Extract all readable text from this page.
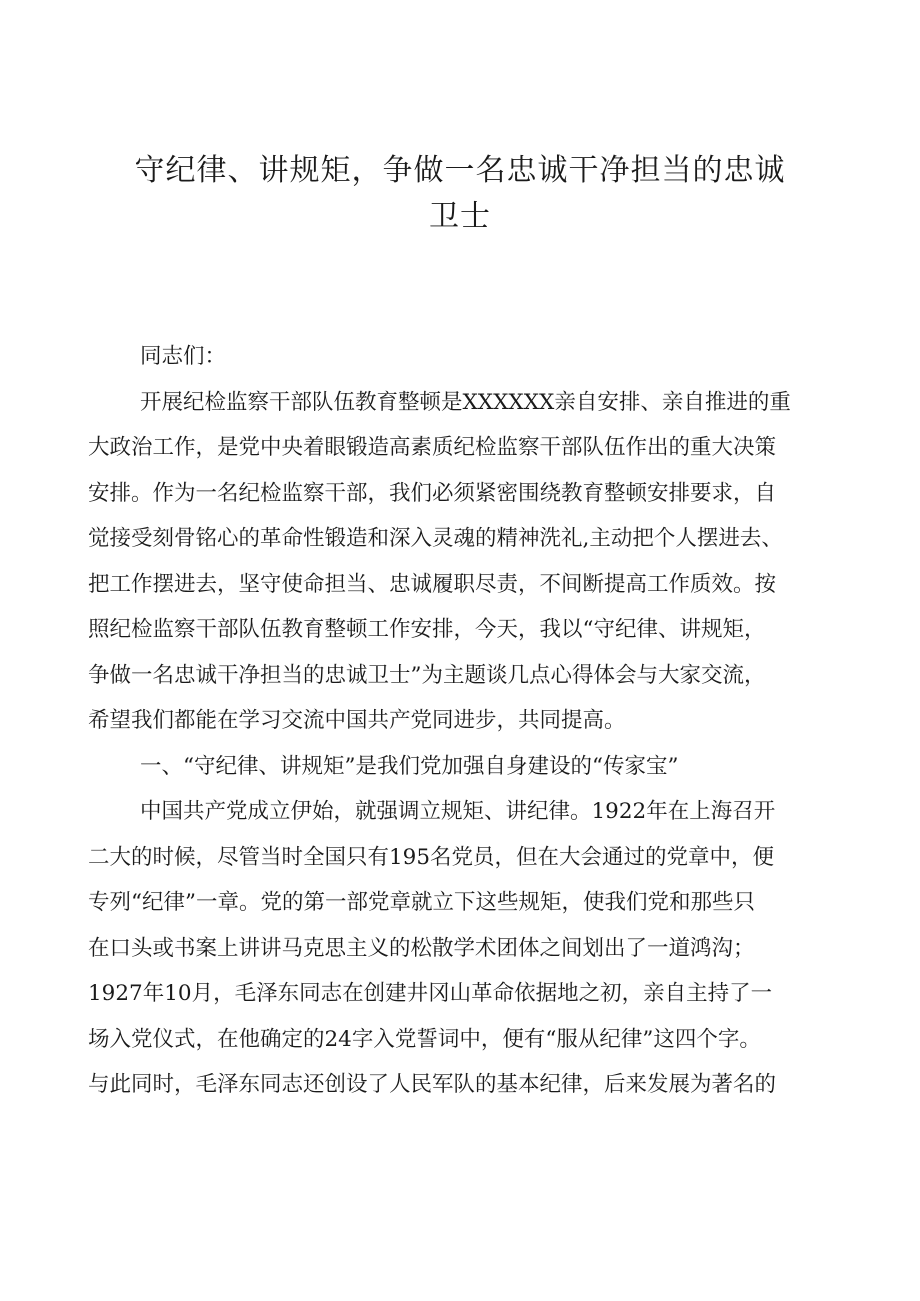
守纪律、讲规矩，争做一名忠诚干净担当的忠诚
卫士
同志们：
开展纪检监察干部队伍教育整顿是XXXXXX亲自安排、亲自推进的重
大政治工作，是党中央着眼锻造高素质纪检监察干部队伍作出的重大决策
安排。作为一名纪检监察干部，我们必须紧密围绕教育整顿安排要求，自
觉接受刻骨铭心的革命性锻造和深入灵魂的精神洗礼,主动把个人摆进去、
把工作摆进去，坚守使命担当、忠诚履职尽责，不间断提高工作质效。按
照纪检监察干部队伍教育整顿工作安排，今天，我以“守纪律、讲规矩，
争做一名忠诚干净担当的忠诚卫士”为主题谈几点心得体会与大家交流，
希望我们都能在学习交流中国共产党同进步，共同提高。
一、“守纪律、讲规矩”是我们党加强自身建设的“传家宝”
中国共产党成立伊始，就强调立规矩、讲纪律。1922年在上海召开
二大的时候，尽管当时全国只有195名党员，但在大会通过的党章中，便
专列“纪律”一章。党的第一部党章就立下这些规矩，使我们党和那些只
在口头或书案上讲讲马克思主义的松散学术团体之间划出了一道鸿沟；
1927年10月，毛泽东同志在创建井冈山革命依据地之初，亲自主持了一
场入党仪式，在他确定的24字入党誓词中，便有“服从纪律”这四个字。
与此同时，毛泽东同志还创设了人民军队的基本纪律，后来发展为著名的
